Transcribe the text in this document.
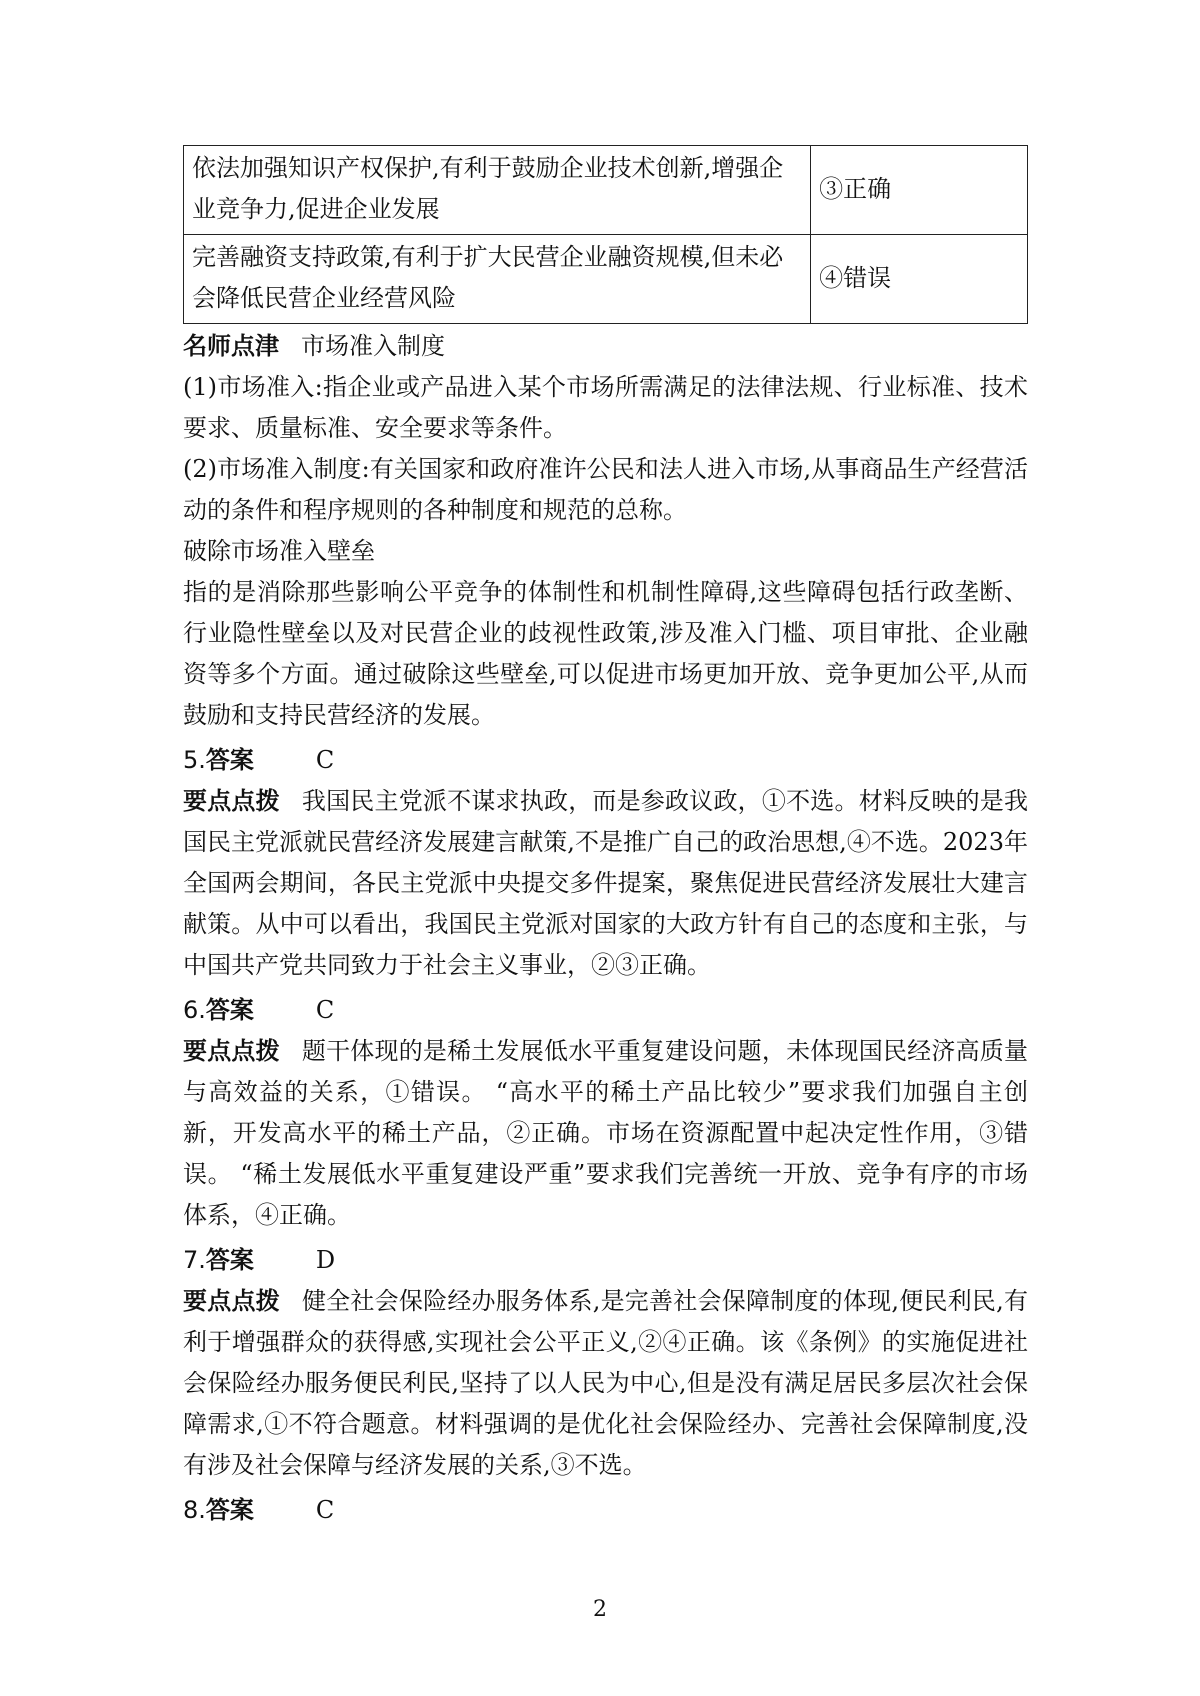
依法加强知识产权保护,有利于鼓励企业技术创新,增强企业竞争力,促进企业发展	③正确
完善融资支持政策,有利于扩大民营企业融资规模,但未必会降低民营企业经营风险	④错误

名师点津 市场准入制度

(1)市场准入:指企业或产品进入某个市场所需满足的法律法规、行业标准、技术要求、质量标准、安全要求等条件。

(2)市场准入制度:有关国家和政府准许公民和法人进入市场,从事商品生产经营活动的条件和程序规则的各种制度和规范的总称。

破除市场准入壁垒

指的是消除那些影响公平竞争的体制性和机制性障碍,这些障碍包括行政垄断、行业隐性壁垒以及对民营企业的歧视性政策,涉及准入门槛、项目审批、企业融资等多个方面。通过破除这些壁垒,可以促进市场更加开放、竞争更加公平,从而鼓励和支持民营经济的发展。

5.答案	C

要点点拨 我国民主党派不谋求执政，而是参政议政，①不选。材料反映的是我国民主党派就民营经济发展建言献策,不是推广自己的政治思想,④不选。2023年全国两会期间，各民主党派中央提交多件提案，聚焦促进民营经济发展壮大建言献策。从中可以看出，我国民主党派对国家的大政方针有自己的态度和主张，与中国共产党共同致力于社会主义事业，②③正确。

6.答案	C

要点点拨 题干体现的是稀土发展低水平重复建设问题，未体现国民经济高质量与高效益的关系，①错误。 “高水平的稀土产品比较少”要求我们加强自主创新，开发高水平的稀土产品，②正确。市场在资源配置中起决定性作用，③错误。 “稀土发展低水平重复建设严重”要求我们完善统一开放、竞争有序的市场体系，④正确。

7.答案	D

要点点拨 健全社会保险经办服务体系,是完善社会保障制度的体现,便民利民,有利于增强群众的获得感,实现社会公平正义,②④正确。该《条例》的实施促进社会保险经办服务便民利民,坚持了以人民为中心,但是没有满足居民多层次社会保障需求,①不符合题意。材料强调的是优化社会保险经办、完善社会保障制度,没有涉及社会保障与经济发展的关系,③不选。

8.答案	C

2
